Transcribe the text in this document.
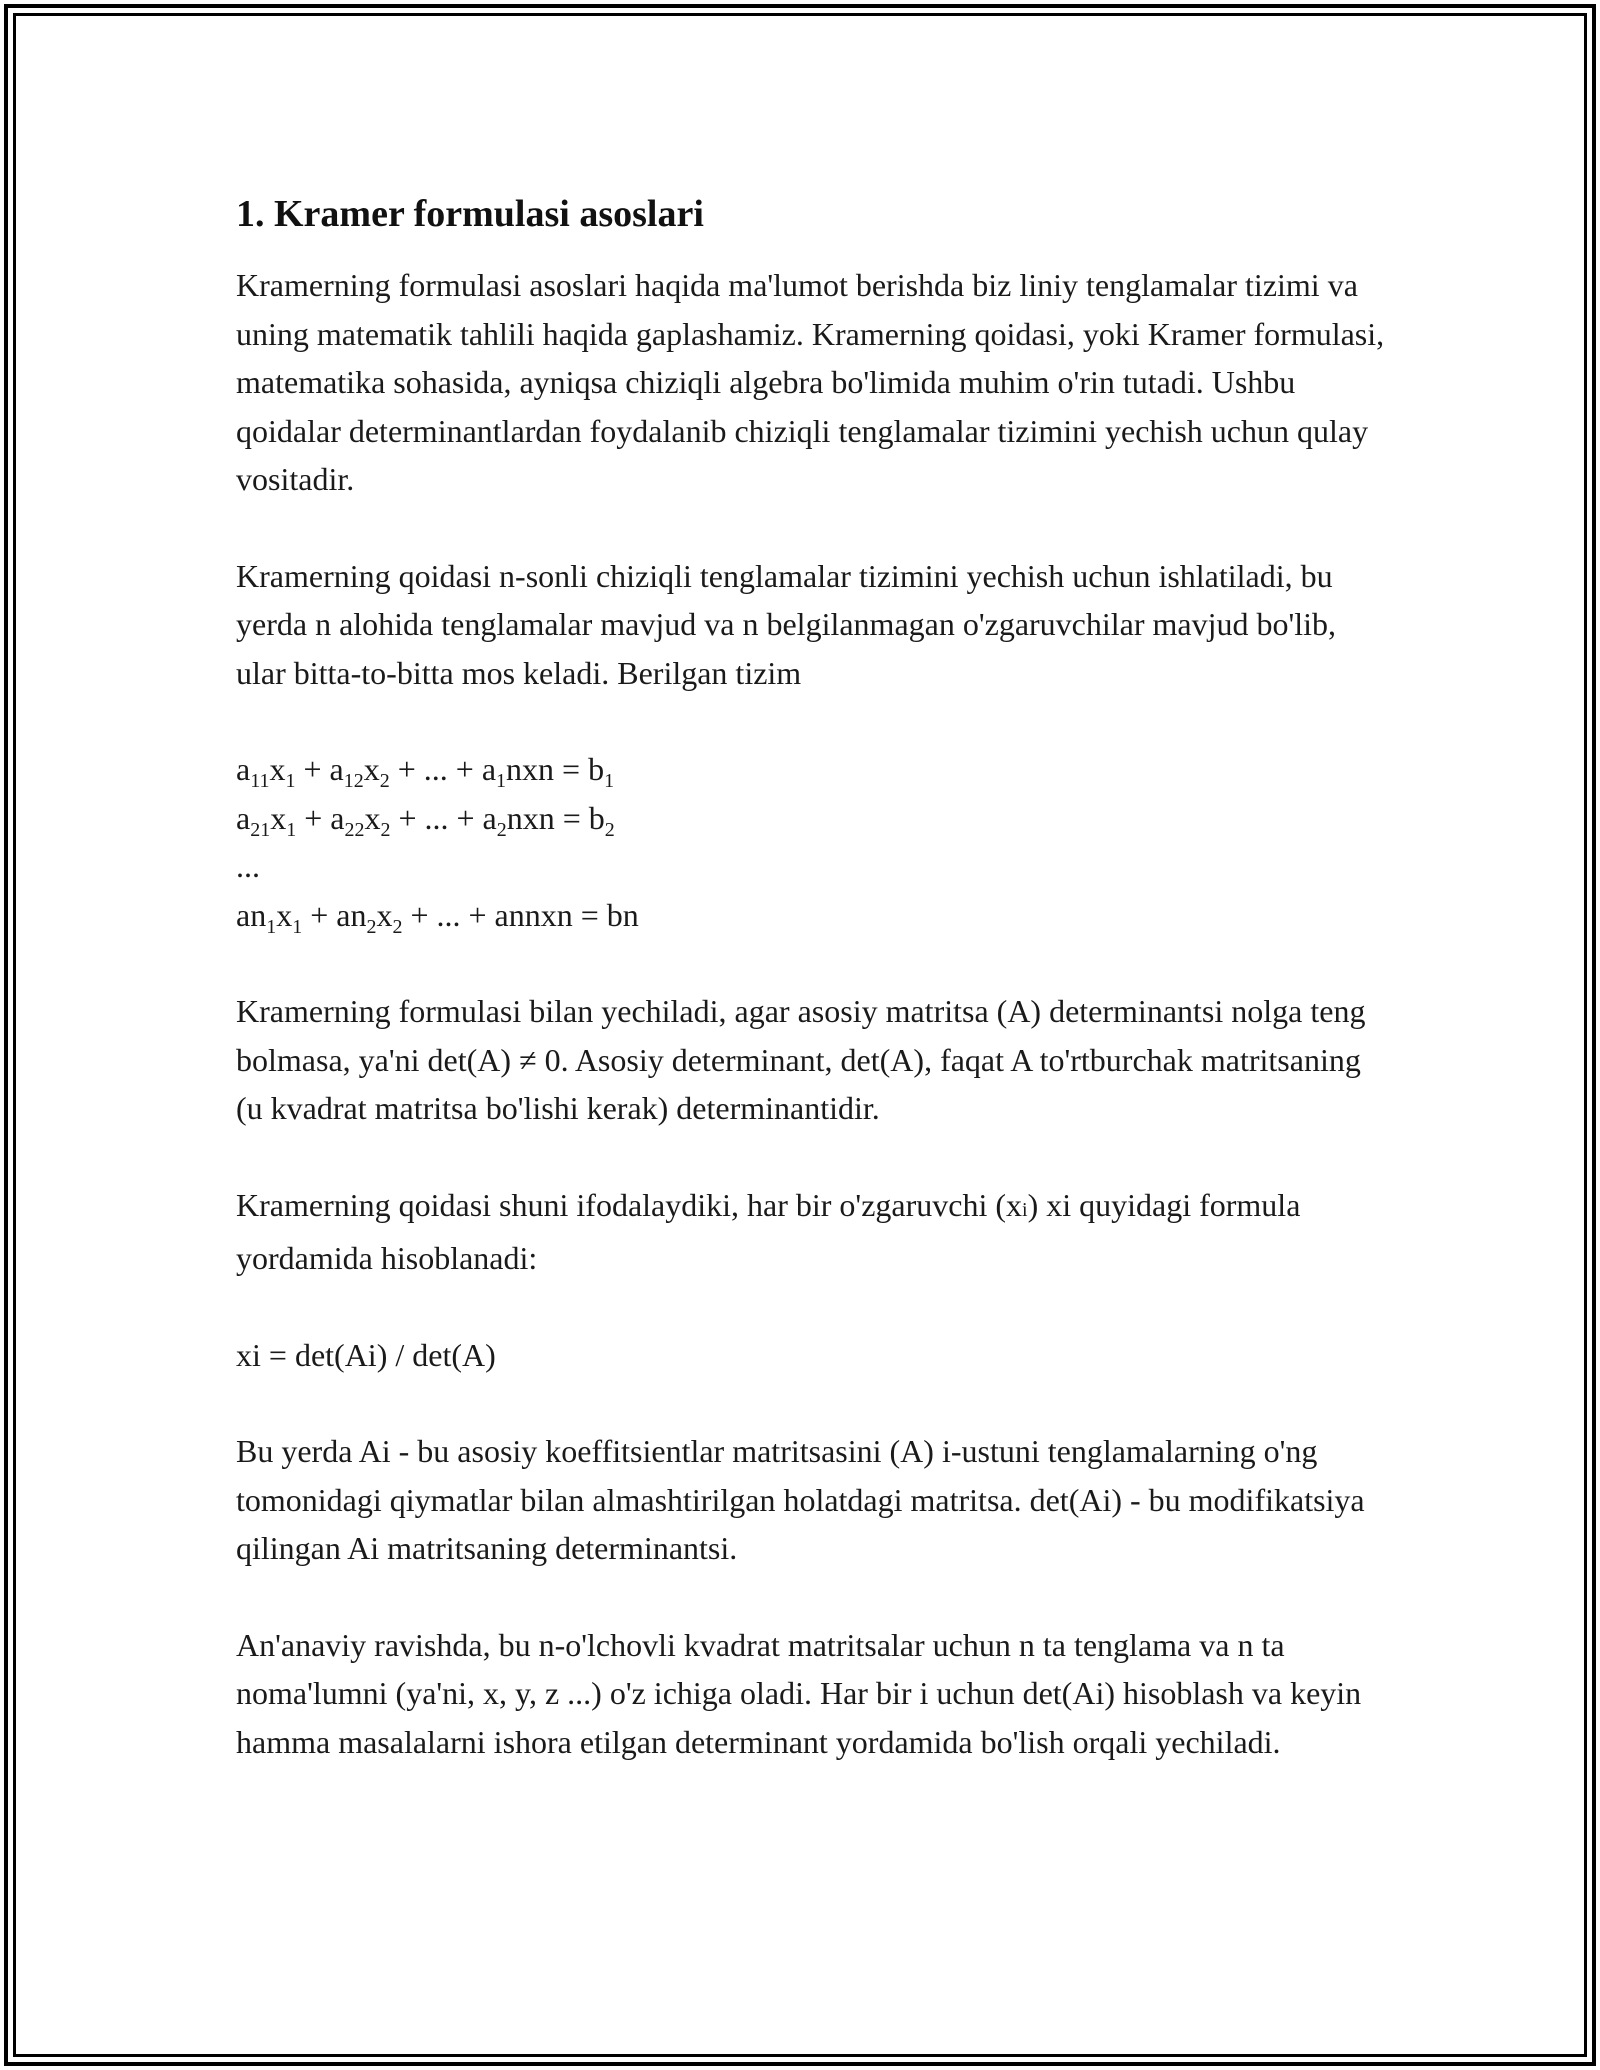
1. Kramer formulasi asoslari

Kramerning formulasi asoslari haqida ma'lumot berishda biz liniy tenglamalar tizimi va uning matematik tahlili haqida gaplashamiz. Kramerning qoidasi, yoki Kramer formulasi, matematika sohasida, ayniqsa chiziqli algebra bo'limida muhim o'rin tutadi. Ushbu qoidalar determinantlardan foydalanib chiziqli tenglamalar tizimini yechish uchun qulay vositadir.

Kramerning qoidasi n-sonli chiziqli tenglamalar tizimini yechish uchun ishlatiladi, bu yerda n alohida tenglamalar mavjud va n belgilanmagan o'zgaruvchilar mavjud bo'lib, ular bitta-to-bitta mos keladi. Berilgan tizim

$a_{11}x_1 + a_{12}x_2$ + ... + $a_1nxn = b_1$
$a_{21}x_1 + a_{22}x_2$ + ... + $a_2nxn = b_2$
...
$an_1x_1 + an_2x_2$ + ... + annxn = bn

Kramerning formulasi bilan yechiladi, agar asosiy matritsa (A) determinantsi nolga teng bolmasa, ya'ni det(A) ≠ 0. Asosiy determinant, det(A), faqat A to'rtburchak matritsaning (u kvadrat matritsa bo'lishi kerak) determinantidir.

Kramerning qoidasi shuni ifodalaydiki, har bir o'zgaruvchi (xi) xi quyidagi formula yordamida hisoblanadi:

xi = det(Ai) / det(A)

Bu yerda Ai - bu asosiy koeffitsientlar matritsasini (A) i-ustuni tenglamalarning o'ng tomonidagi qiymatlar bilan almashtirilgan holatdagi matritsa. det(Ai) - bu modifikatsiya qilingan Ai matritsaning determinantsi.

An'anaviy ravishda, bu n-o'lchovli kvadrat matritsalar uchun n ta tenglama va n ta noma'lumni (ya'ni, x, y, z ...) o'z ichiga oladi. Har bir i uchun det(Ai) hisoblash va keyin hamma masalalarni ishora etilgan determinant yordamida bo'lish orqali yechiladi.
